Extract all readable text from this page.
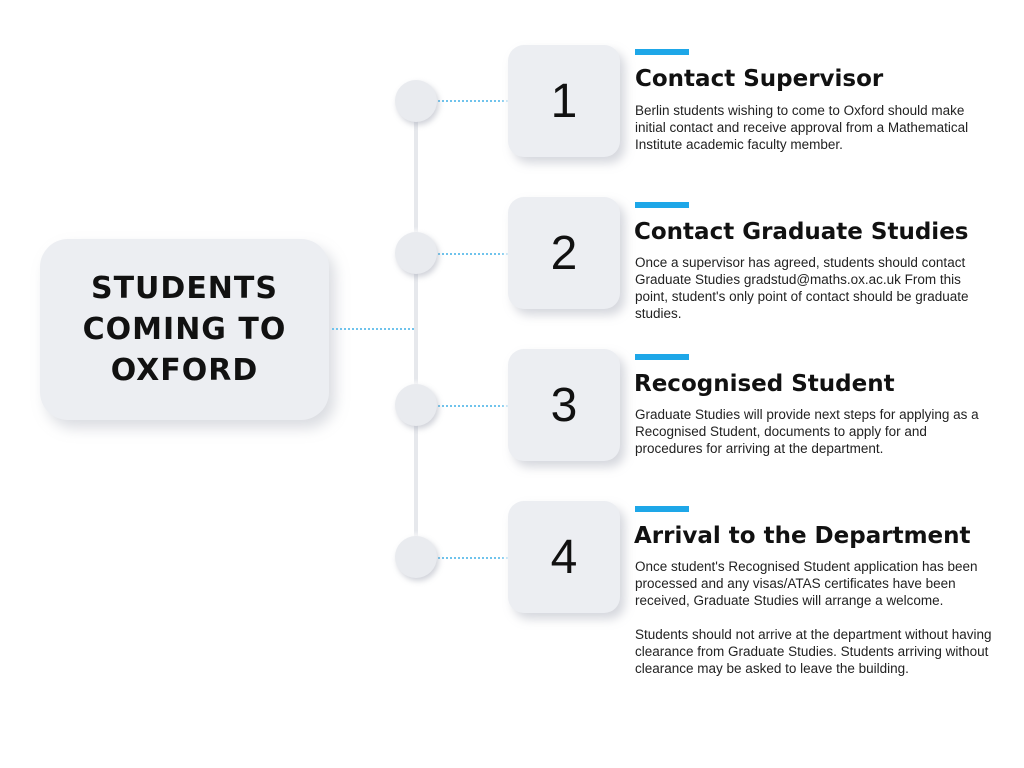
STUDENTS
COMING TO
OXFORD
1	Contact Supervisor

Berlin students wishing to come to Oxford should make initial contact and receive approval from a Mathematical Institute academic faculty member.

2 Contact Graduate Studies

Once a supervisor has agreed, students should contact Graduate Studies gradstud@maths.ox.ac.uk From this point, student's only point of contact should be graduate studies.

3 Recognised Student

Graduate Studies will provide next steps for applying as a Recognised Student, documents to apply for and procedures for arriving at the department.

4 Arrival to the Department

Once student's Recognised Student application has been processed and any visas/ATAS certificates have been received, Graduate Studies will arrange a welcome.

Students should not arrive at the department without having clearance from Graduate Studies. Students arriving without clearance may be asked to leave the building.
